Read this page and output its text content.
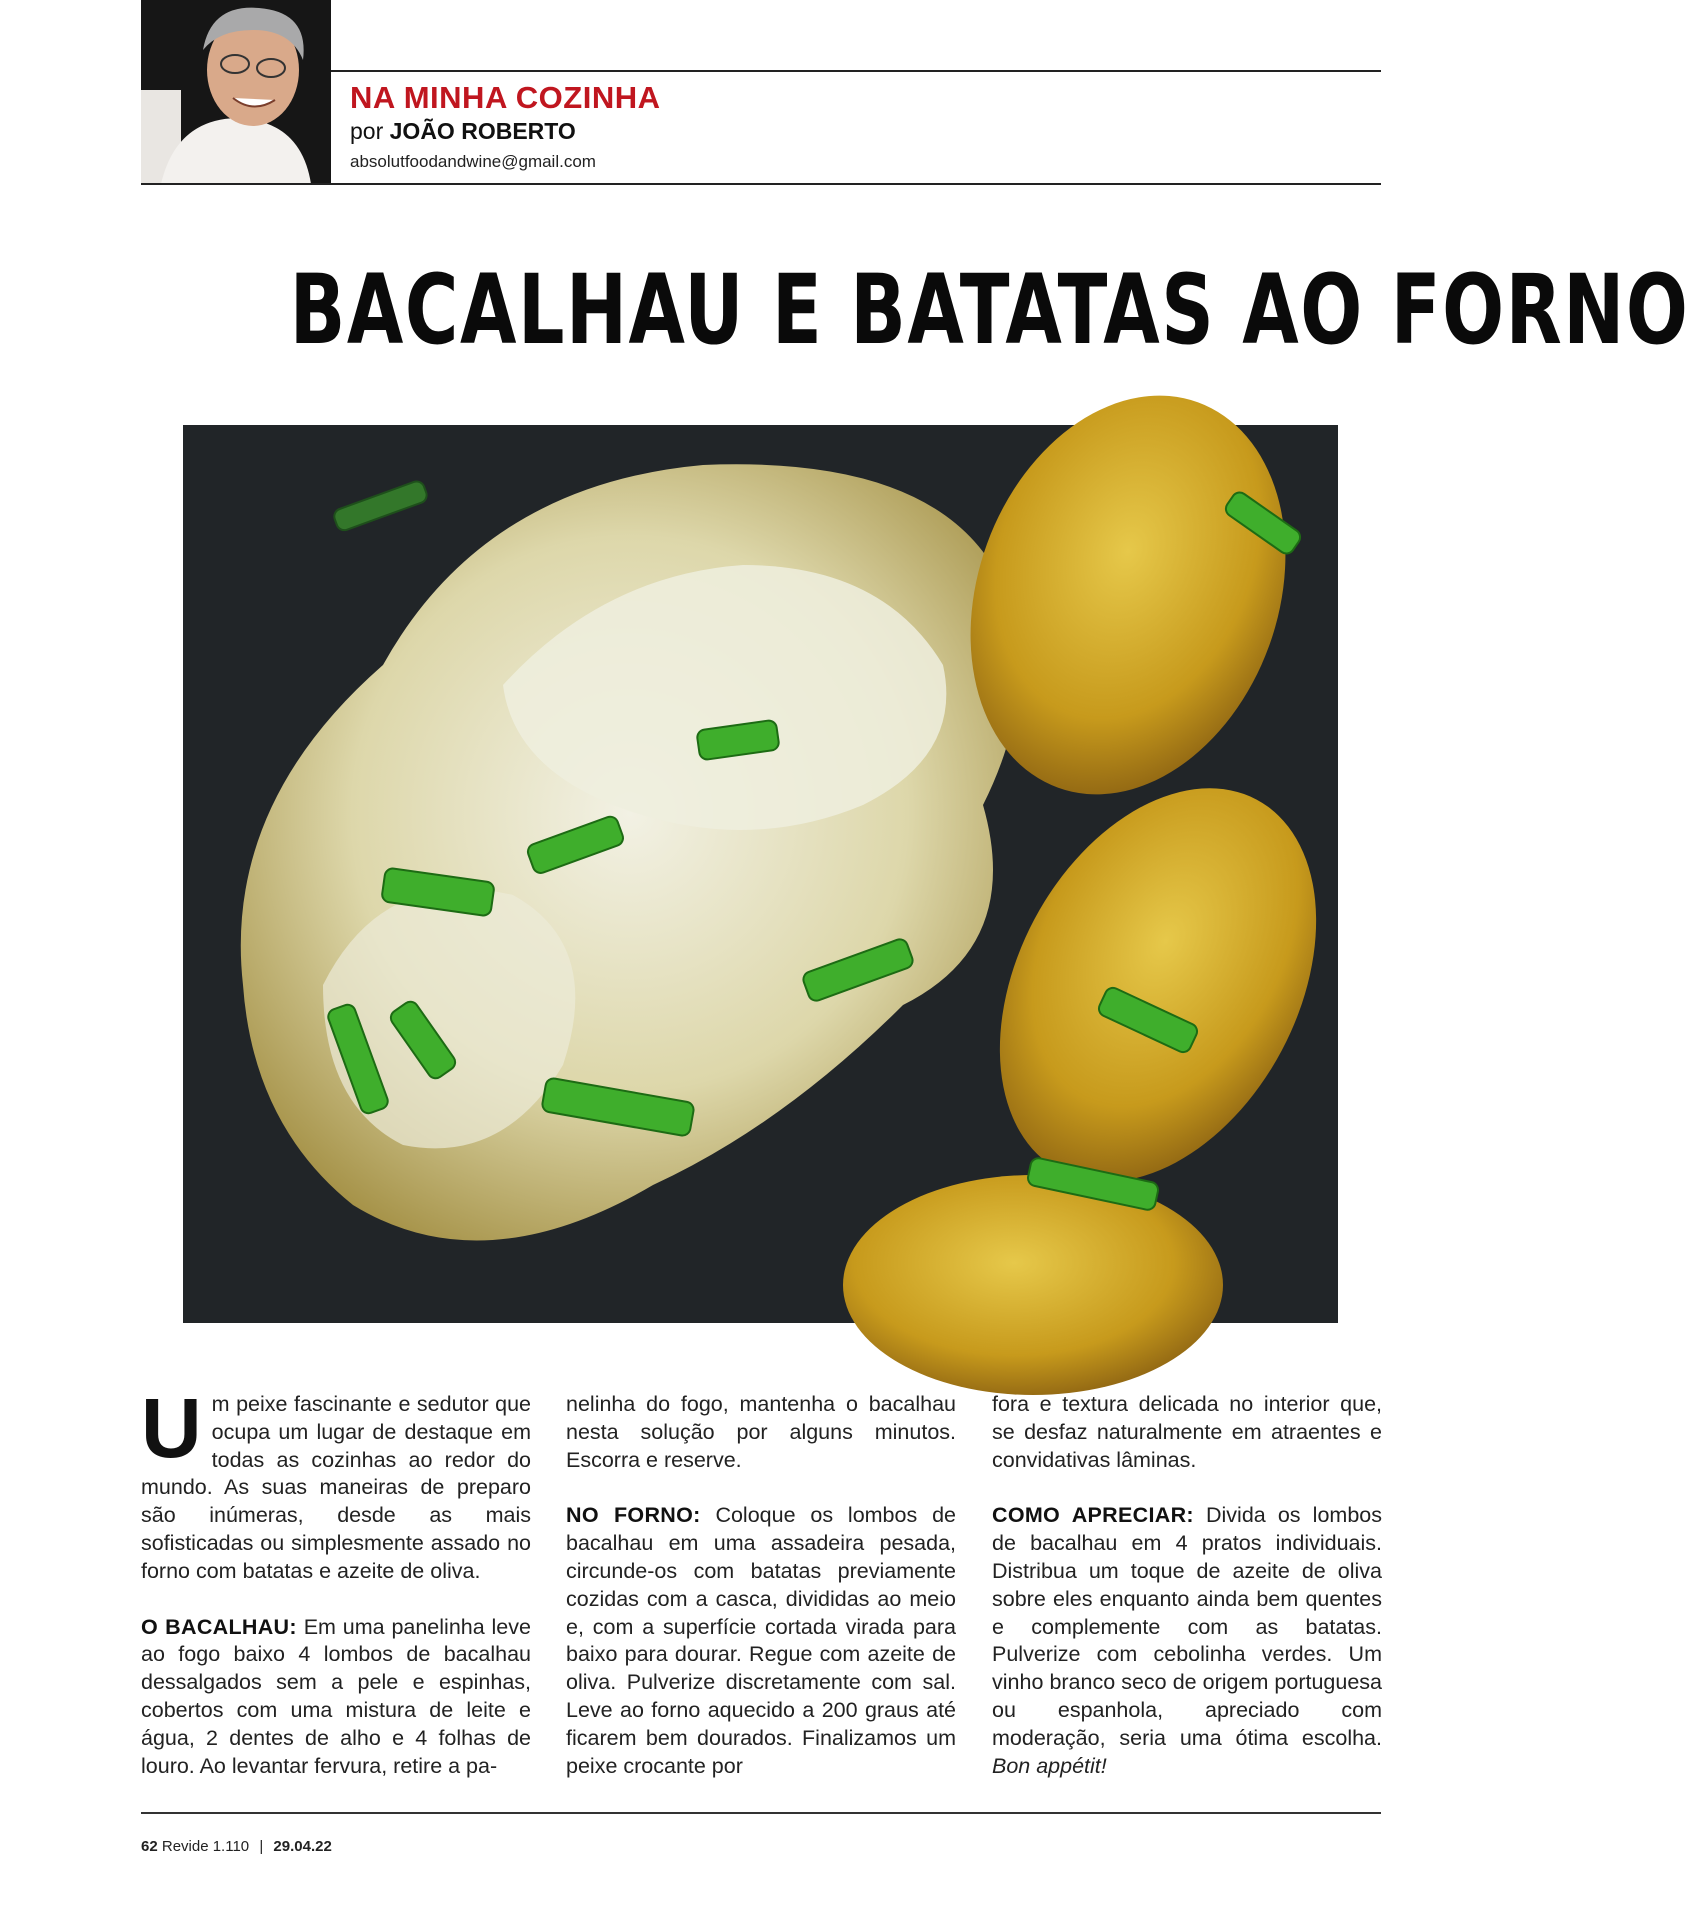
NA MINHA COZINHA
por JOÃO ROBERTO
absolutfoodandwine@gmail.com
BACALHAU E BATATAS AO FORNO

Um peixe fascinante e sedutor que ocupa um lugar de destaque em todas as cozinhas ao redor do mundo. As suas maneiras de preparo são inúmeras, desde as mais sofisticadas ou simplesmente assado no forno com batatas e azeite de oliva.

O BACALHAU: Em uma panelinha leve ao fogo baixo 4 lombos de bacalhau dessalgados sem a pele e espinhas, cobertos com uma mistura de leite e água, 2 dentes de alho e 4 folhas de louro. Ao levantar fervura, retire a pa-

nelinha do fogo, mantenha o bacalhau nesta solução por alguns minutos. Escorra e reserve.

NO FORNO: Coloque os lombos de bacalhau em uma assadeira pesada, circunde-os com batatas previamente cozidas com a casca, divididas ao meio e, com a superfície cortada virada para baixo para dourar. Regue com azeite de oliva. Pulverize discretamente com sal. Leve ao forno aquecido a 200 graus até ficarem bem dourados. Finalizamos um peixe crocante por

fora e textura delicada no interior que, se desfaz naturalmente em atraentes e convidativas lâminas.

COMO APRECIAR: Divida os lombos de bacalhau em 4 pratos individuais. Distribua um toque de azeite de oliva sobre eles enquanto ainda bem quentes e complemente com as batatas. Pulverize com cebolinha verdes. Um vinho branco seco de origem portuguesa ou espanhola, apreciado com moderação, seria uma ótima escolha. Bon appétit!

62 Revide 1.110 | 29.04.22
